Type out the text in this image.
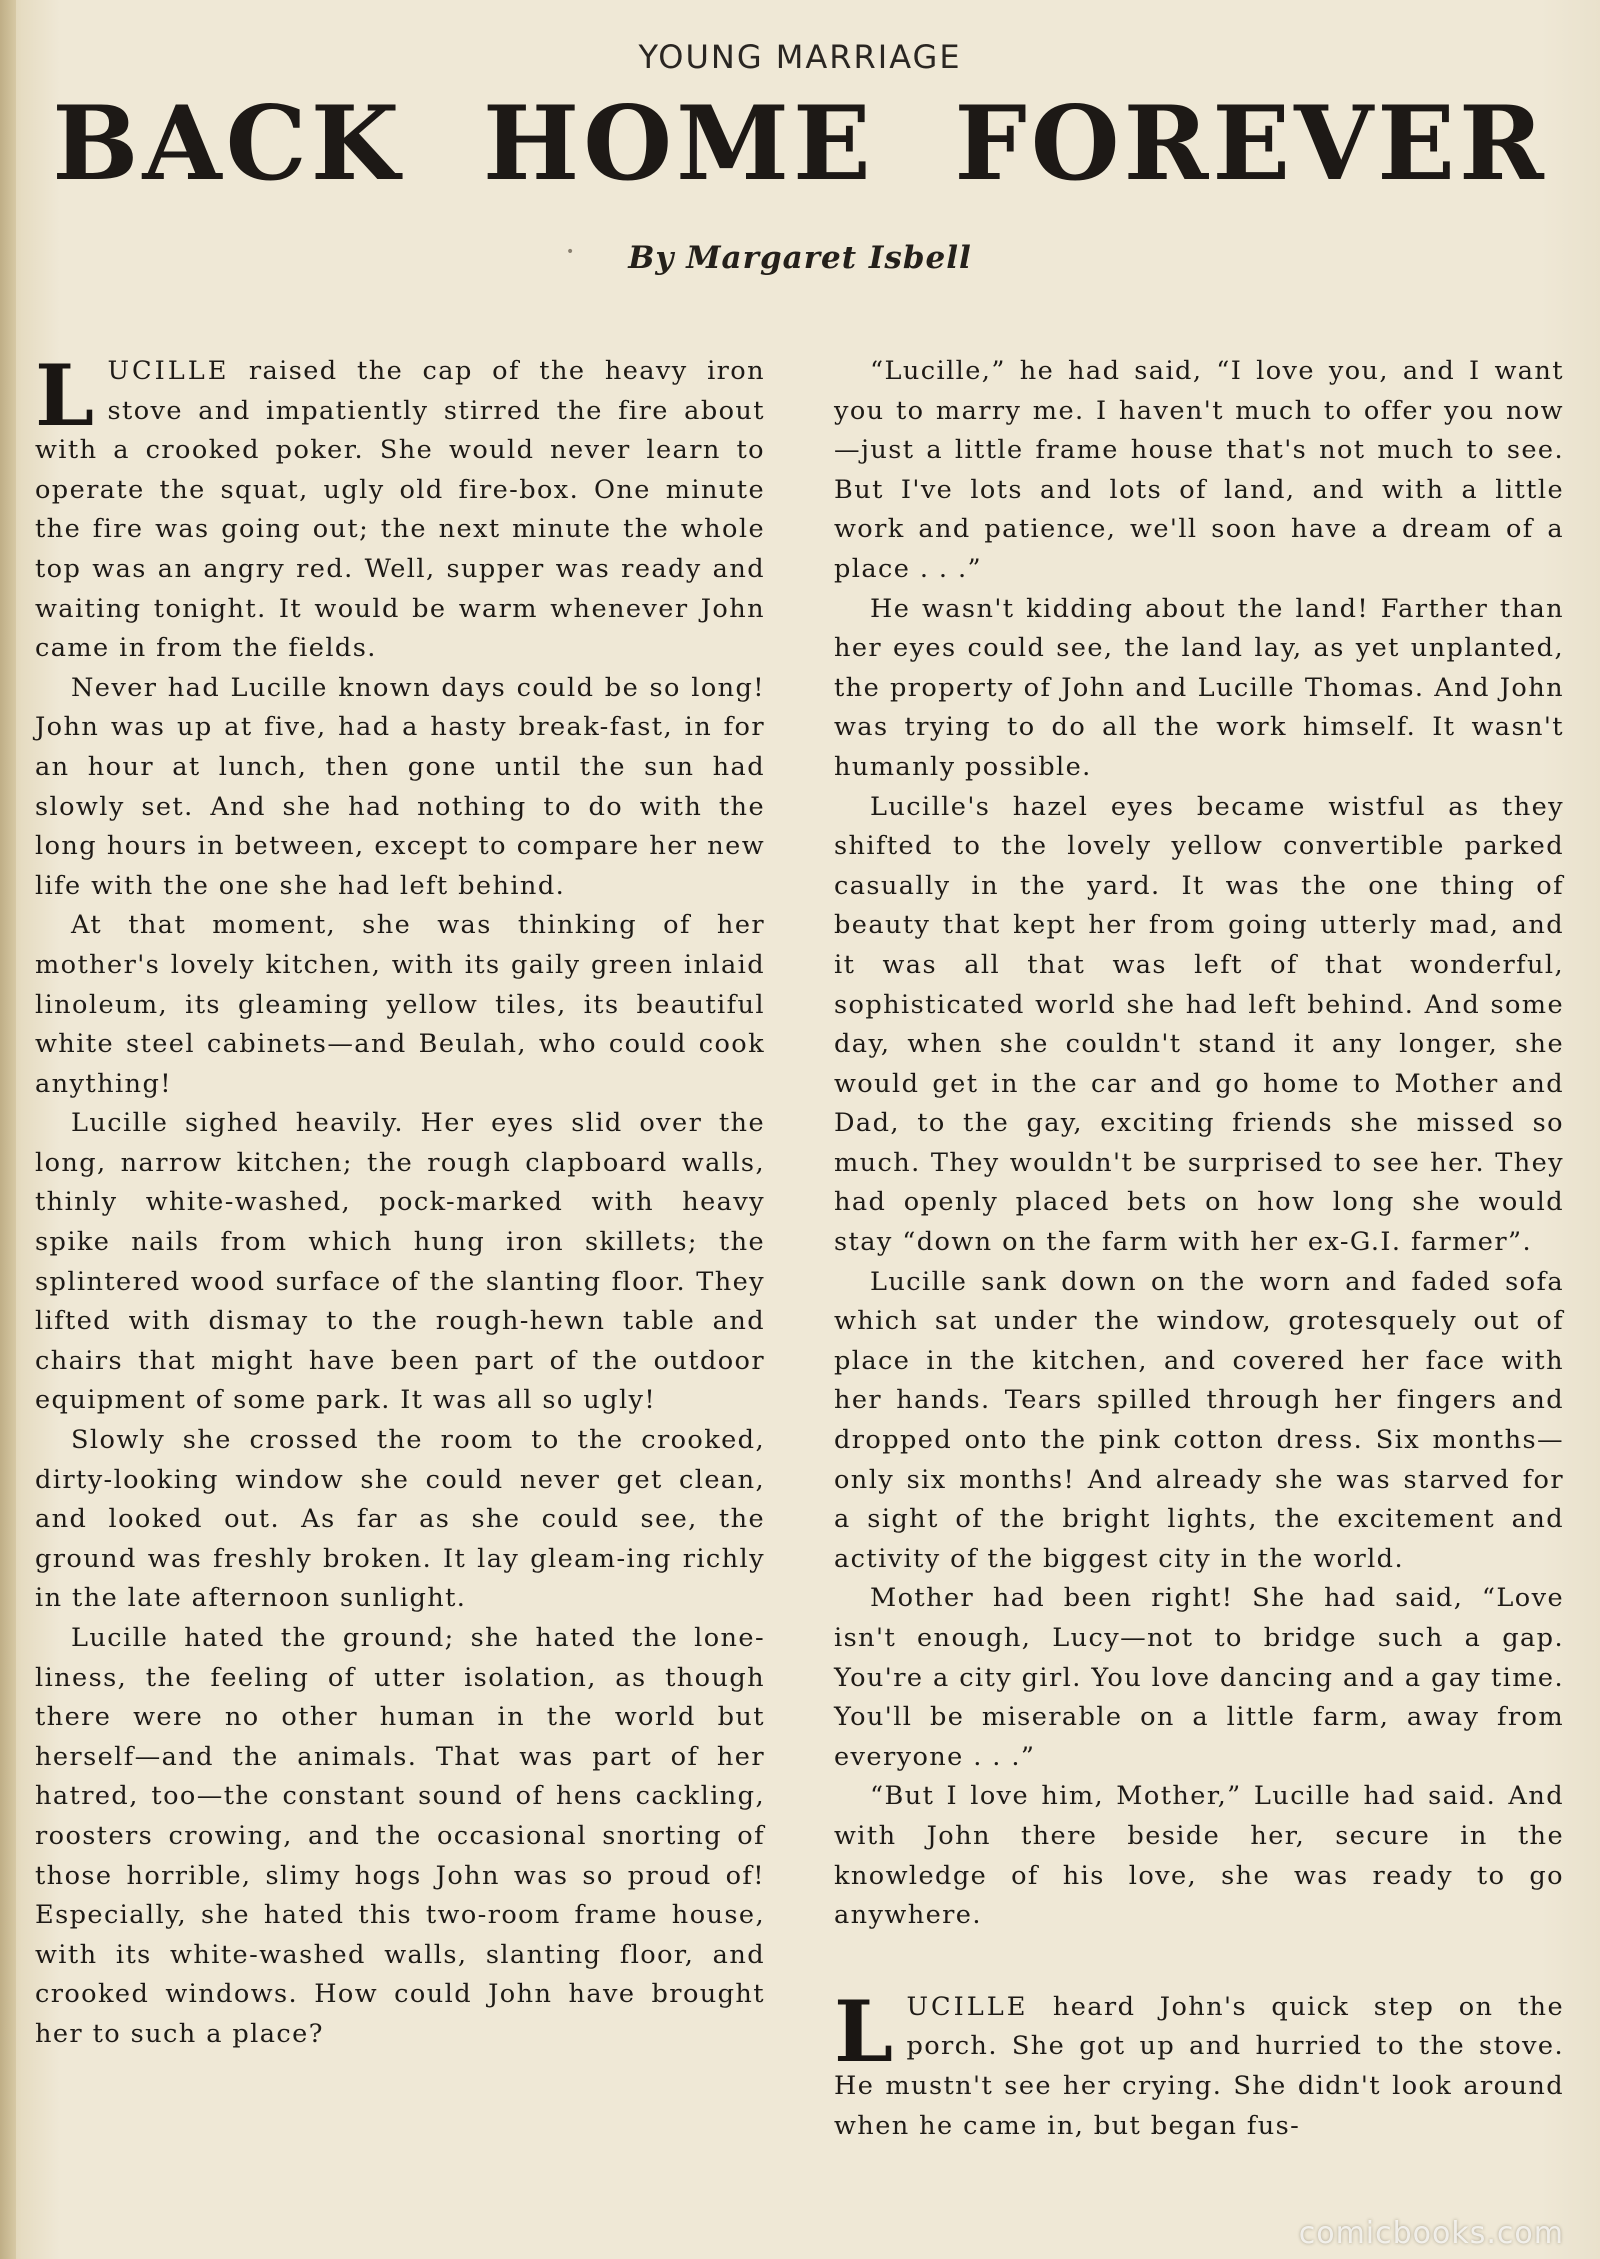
YOUNG MARRIAGE
BACK HOME FOREVER
•	By Margaret Isbell

LUCILLE raised the cap of the heavy iron stove and impatiently stirred the fire about with a crooked poker. She would never learn to operate the squat, ugly old fire-box. One minute the fire was going out; the next minute the whole top was an angry red. Well, supper was ready and waiting tonight. It would be warm whenever John came in from the fields.

Never had Lucille known days could be so long! John was up at five, had a hasty break-fast, in for an hour at lunch, then gone until the sun had slowly set. And she had nothing to do with the long hours in between, except to compare her new life with the one she had left behind.

At that moment, she was thinking of her mother's lovely kitchen, with its gaily green inlaid linoleum, its gleaming yellow tiles, its beautiful white steel cabinets—and Beulah, who could cook anything!

Lucille sighed heavily. Her eyes slid over the long, narrow kitchen; the rough clapboard walls, thinly white-washed, pock-marked with heavy spike nails from which hung iron skillets; the splintered wood surface of the slanting floor. They lifted with dismay to the rough-hewn table and chairs that might have been part of the outdoor equipment of some park. It was all so ugly!

Slowly she crossed the room to the crooked, dirty-looking window she could never get clean, and looked out. As far as she could see, the ground was freshly broken. It lay gleam-ing richly in the late afternoon sunlight.

Lucille hated the ground; she hated the lone-liness, the feeling of utter isolation, as though there were no other human in the world but herself—and the animals. That was part of her hatred, too—the constant sound of hens cackling, roosters crowing, and the occasional snorting of those horrible, slimy hogs John was so proud of! Especially, she hated this two-room frame house, with its white-washed walls, slanting floor, and crooked windows. How could John have brought her to such a place?

“Lucille,” he had said, “I love you, and I want you to marry me. I haven't much to offer you now—just a little frame house that's not much to see. But I've lots and lots of land, and with a little work and patience, we'll soon have a dream of a place . . .”

He wasn't kidding about the land! Farther than her eyes could see, the land lay, as yet unplanted, the property of John and Lucille Thomas. And John was trying to do all the work himself. It wasn't humanly possible.

Lucille's hazel eyes became wistful as they shifted to the lovely yellow convertible parked casually in the yard. It was the one thing of beauty that kept her from going utterly mad, and it was all that was left of that wonderful, sophisticated world she had left behind. And some day, when she couldn't stand it any longer, she would get in the car and go home to Mother and Dad, to the gay, exciting friends she missed so much. They wouldn't be surprised to see her. They had openly placed bets on how long she would stay “down on the farm with her ex-G.I. farmer”.

Lucille sank down on the worn and faded sofa which sat under the window, grotesquely out of place in the kitchen, and covered her face with her hands. Tears spilled through her fingers and dropped onto the pink cotton dress. Six months—only six months! And already she was starved for a sight of the bright lights, the excitement and activity of the biggest city in the world.

Mother had been right! She had said, “Love isn't enough, Lucy—not to bridge such a gap. You're a city girl. You love dancing and a gay time. You'll be miserable on a little farm, away from everyone . . .”

“But I love him, Mother,” Lucille had said. And with John there beside her, secure in the knowledge of his love, she was ready to go anywhere.

LUCILLE heard John's quick step on the porch. She got up and hurried to the stove. He mustn't see her crying. She didn't look around when he came in, but began fus-

comicbooks.com
